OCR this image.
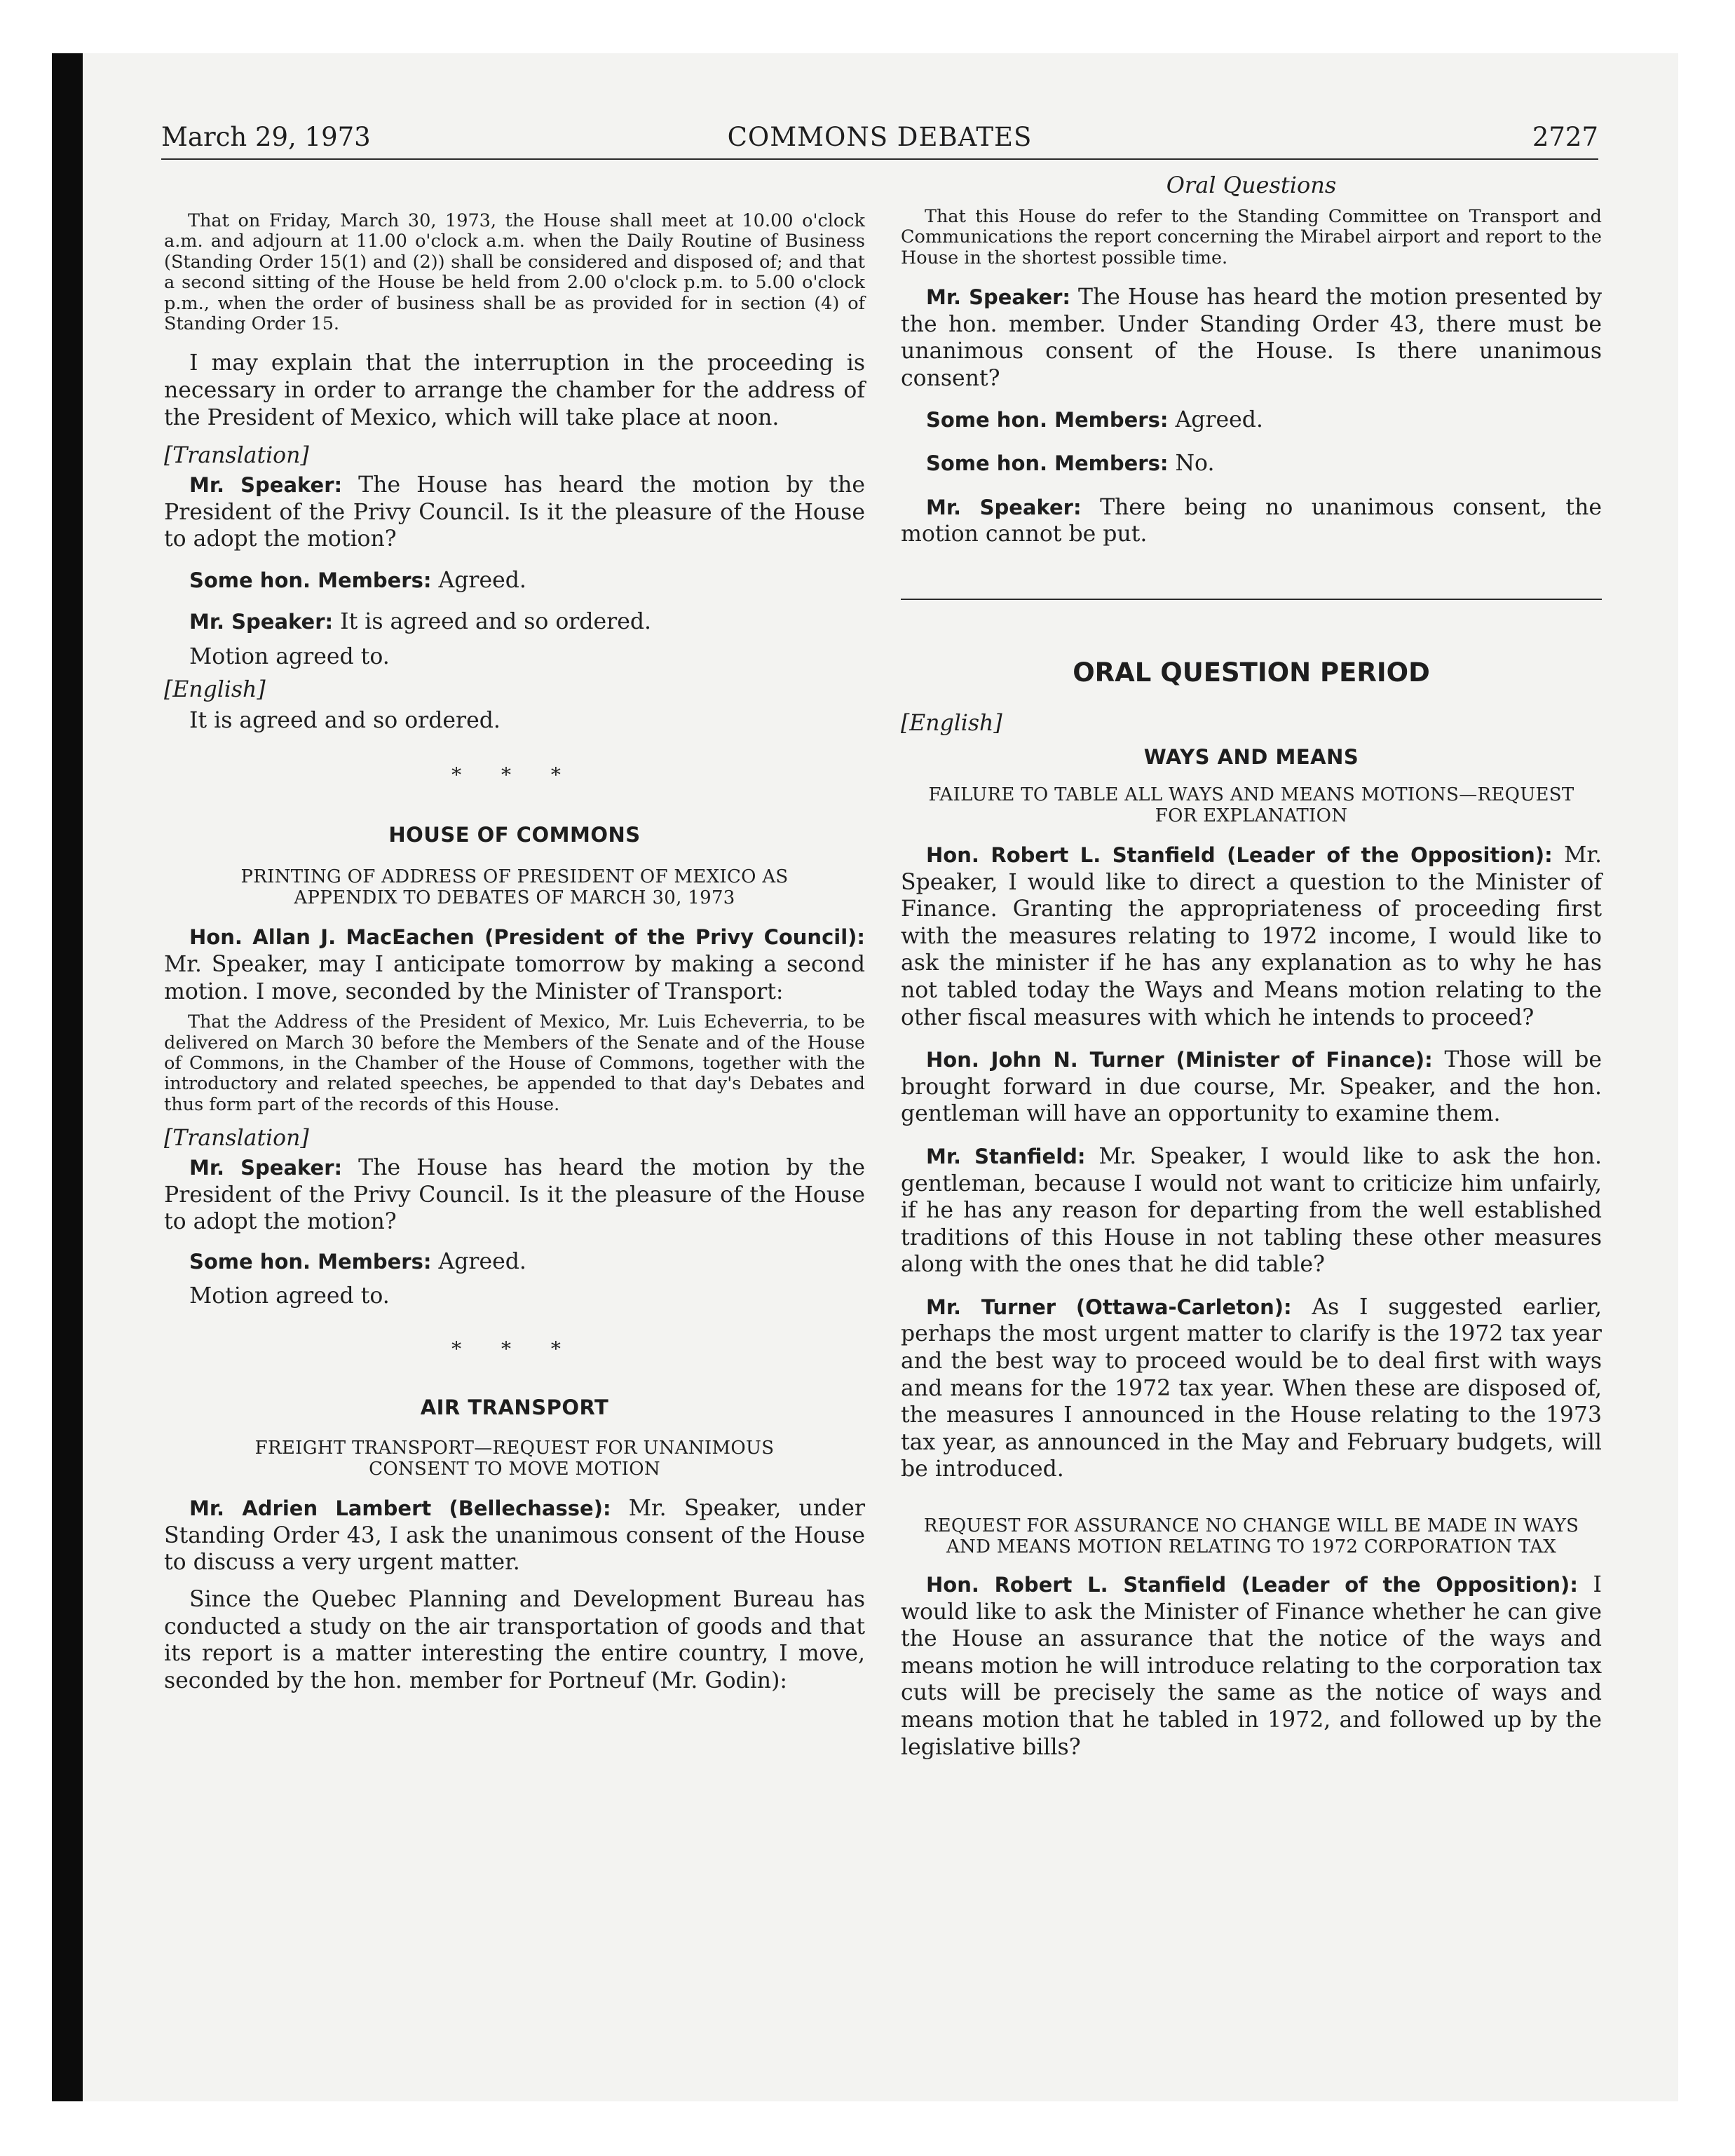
March 29, 1973	COMMONS DEBATES	2727

That on Friday, March 30, 1973, the House shall meet at 10.00 o'clock a.m. and adjourn at 11.00 o'clock a.m. when the Daily Routine of Business (Standing Order 15(1) and (2)) shall be considered and disposed of; and that a second sitting of the House be held from 2.00 o'clock p.m. to 5.00 o'clock p.m., when the order of business shall be as provided for in section (4) of Standing Order 15.

I may explain that the interruption in the proceeding is necessary in order to arrange the chamber for the address of the President of Mexico, which will take place at noon.

[Translation]

Mr. Speaker: The House has heard the motion by the President of the Privy Council. Is it the pleasure of the House to adopt the motion?

Some hon. Members: Agreed.

Mr. Speaker: It is agreed and so ordered.

Motion agreed to.

[English]

It is agreed and so ordered.

* * *

HOUSE OF COMMONS

PRINTING OF ADDRESS OF PRESIDENT OF MEXICO AS APPENDIX TO DEBATES OF MARCH 30, 1973

Hon. Allan J. MacEachen (President of the Privy Council): Mr. Speaker, may I anticipate tomorrow by making a second motion. I move, seconded by the Minister of Transport:

That the Address of the President of Mexico, Mr. Luis Echeverria, to be delivered on March 30 before the Members of the Senate and of the House of Commons, in the Chamber of the House of Commons, together with the introductory and related speeches, be appended to that day's Debates and thus form part of the records of this House.

[Translation]

Mr. Speaker: The House has heard the motion by the President of the Privy Council. Is it the pleasure of the House to adopt the motion?

Some hon. Members: Agreed.

Motion agreed to.

* * *

AIR TRANSPORT

FREIGHT TRANSPORT—REQUEST FOR UNANIMOUS CONSENT TO MOVE MOTION

Mr. Adrien Lambert (Bellechasse): Mr. Speaker, under Standing Order 43, I ask the unanimous consent of the House to discuss a very urgent matter.

Since the Quebec Planning and Development Bureau has conducted a study on the air transportation of goods and that its report is a matter interesting the entire country, I move, seconded by the hon. member for Portneuf (Mr. Godin):

Oral Questions

That this House do refer to the Standing Committee on Transport and Communications the report concerning the Mirabel airport and report to the House in the shortest possible time.

Mr. Speaker: The House has heard the motion presented by the hon. member. Under Standing Order 43, there must be unanimous consent of the House. Is there unanimous consent?

Some hon. Members: Agreed.

Some hon. Members: No.

Mr. Speaker: There being no unanimous consent, the motion cannot be put.

ORAL QUESTION PERIOD

[English]

WAYS AND MEANS

FAILURE TO TABLE ALL WAYS AND MEANS MOTIONS—REQUEST FOR EXPLANATION

Hon. Robert L. Stanfield (Leader of the Opposition): Mr. Speaker, I would like to direct a question to the Minister of Finance. Granting the appropriateness of proceeding first with the measures relating to 1972 income, I would like to ask the minister if he has any explanation as to why he has not tabled today the Ways and Means motion relating to the other fiscal measures with which he intends to proceed?

Hon. John N. Turner (Minister of Finance): Those will be brought forward in due course, Mr. Speaker, and the hon. gentleman will have an opportunity to examine them.

Mr. Stanfield: Mr. Speaker, I would like to ask the hon. gentleman, because I would not want to criticize him unfairly, if he has any reason for departing from the well established traditions of this House in not tabling these other measures along with the ones that he did table?

Mr. Turner (Ottawa-Carleton): As I suggested earlier, perhaps the most urgent matter to clarify is the 1972 tax year and the best way to proceed would be to deal first with ways and means for the 1972 tax year. When these are disposed of, the measures I announced in the House relating to the 1973 tax year, as announced in the May and February budgets, will be introduced.

REQUEST FOR ASSURANCE NO CHANGE WILL BE MADE IN WAYS AND MEANS MOTION RELATING TO 1972 CORPORATION TAX

Hon. Robert L. Stanfield (Leader of the Opposition): I would like to ask the Minister of Finance whether he can give the House an assurance that the notice of the ways and means motion he will introduce relating to the corporation tax cuts will be precisely the same as the notice of ways and means motion that he tabled in 1972, and followed up by the legislative bills?
